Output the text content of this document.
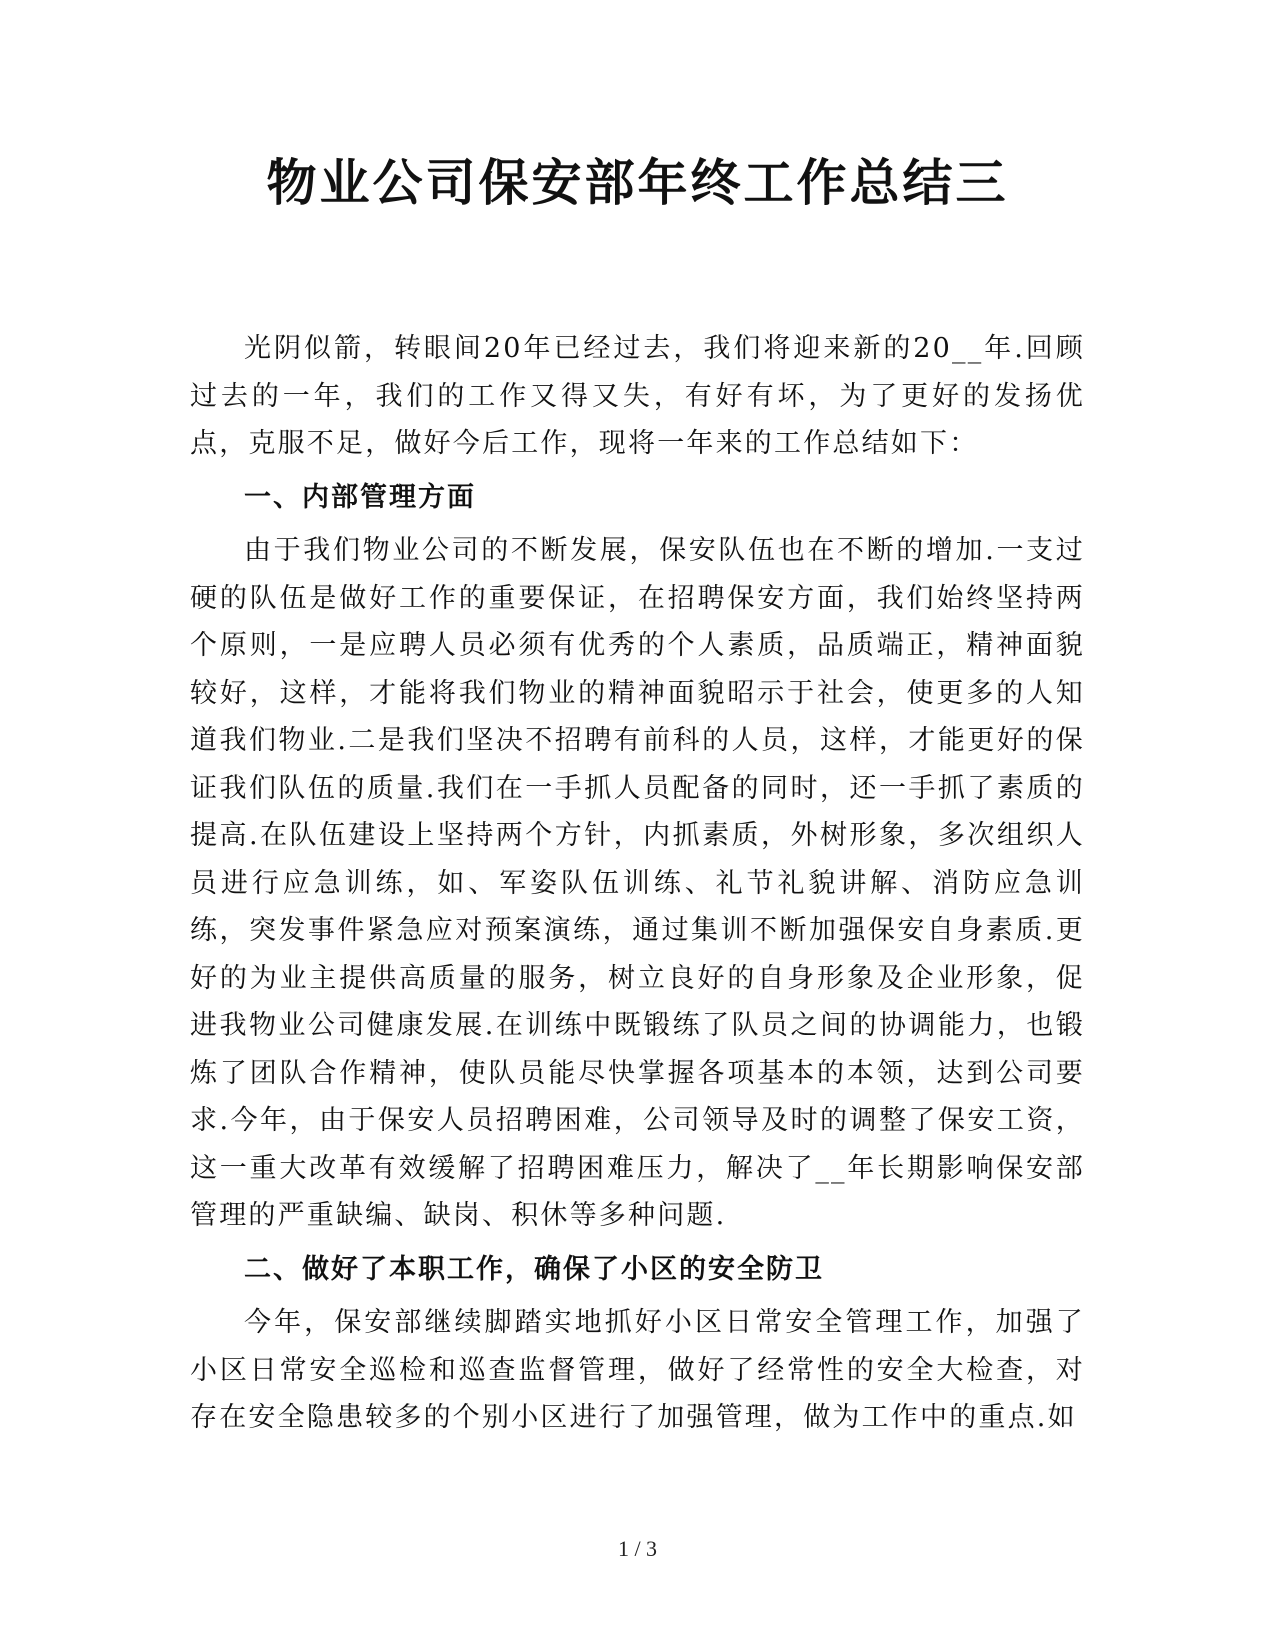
物业公司保安部年终工作总结三

光阴似箭，转眼间20年已经过去，我们将迎来新的20__年.回顾过去的一年，我们的工作又得又失，有好有坏，为了更好的发扬优点，克服不足，做好今后工作，现将一年来的工作总结如下：

一、内部管理方面

由于我们物业公司的不断发展，保安队伍也在不断的增加.一支过硬的队伍是做好工作的重要保证，在招聘保安方面，我们始终坚持两个原则，一是应聘人员必须有优秀的个人素质，品质端正，精神面貌较好，这样，才能将我们物业的精神面貌昭示于社会，使更多的人知道我们物业.二是我们坚决不招聘有前科的人员，这样，才能更好的保证我们队伍的质量.我们在一手抓人员配备的同时，还一手抓了素质的提高.在队伍建设上坚持两个方针，内抓素质，外树形象，多次组织人员进行应急训练，如、军姿队伍训练、礼节礼貌讲解、消防应急训练，突发事件紧急应对预案演练，通过集训不断加强保安自身素质.更好的为业主提供高质量的服务，树立良好的自身形象及企业形象，促进我物业公司健康发展.在训练中既锻练了队员之间的协调能力，也锻炼了团队合作精神，使队员能尽快掌握各项基本的本领，达到公司要求.今年，由于保安人员招聘困难，公司领导及时的调整了保安工资，这一重大改革有效缓解了招聘困难压力，解决了__年长期影响保安部管理的严重缺编、缺岗、积休等多种问题.

二、做好了本职工作，确保了小区的安全防卫

今年，保安部继续脚踏实地抓好小区日常安全管理工作，加强了小区日常安全巡检和巡查监督管理，做好了经常性的安全大检查，对存在安全隐患较多的个别小区进行了加强管理，做为工作中的重点.如

1 / 3
